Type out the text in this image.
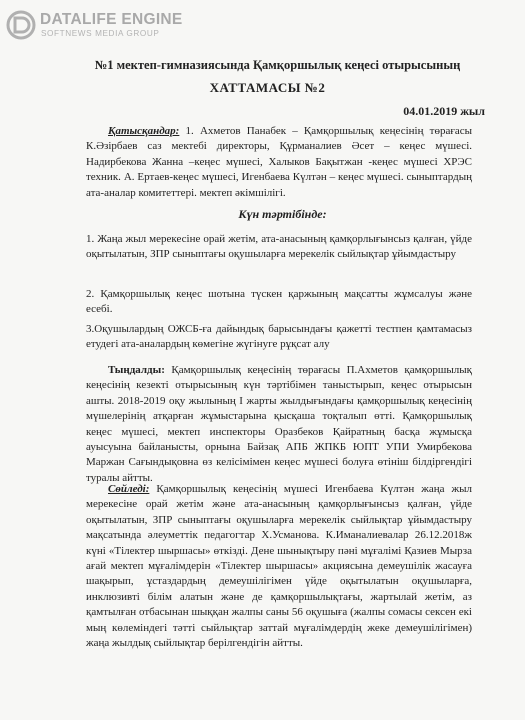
DATALIFE ENGINE
SOFTNEWS MEDIA GROUP
№1 мектеп-гимназиясында Қамқоршылық кеңесі отырысының
ХАТТАМАСЫ №2
04.01.2019 жыл
Қатысқандар: 1. Ахметов Панабек – Қамқоршылық кеңесінің төрағасы К.Әзірбаев саз мектебі директоры, Құрманалиев Әсет – кеңес мүшесі. Надирбекова Жанна –кеңес мүшесі, Халыков Бақытжан -кеңес мүшесі ХРЭС техник. А. Ертаев-кеңес мүшесі, Игенбаева Күлтән – кеңес мүшесі. сыныптардың ата-аналар комитеттері. мектеп әкімшілігі.
Күн тәртібінде:
1. Жаңа жыл мерекесіне орай жетім, ата-анасының қамқорлығынсыз қалған, үйде оқытылатын, ЗПР сыныптағы оқушыларға мерекелік сыйлықтар ұйымдастыру
2. Қамқоршылық кеңес шотына түскен қаржының мақсатты жұмсалуы және есебі.
3.Оқушылардың ОЖСБ-ға дайындық барысындағы қажетті тестпен қамтамасыз етудегі ата-аналардың көмегіне жүгінуге рұқсат алу
Тыңдалды: Қамқоршылық кеңесінің төрағасы П.Ахметов қамқоршылық кеңесінің кезекті отырысының күн тәртібімен таныстырып, кеңес отырысын ашты. 2018-2019 оқу жылының І жарты жылдығындағы қамқоршылық кеңесінің мүшелерінің атқарған жұмыстарына қысқаша тоқталып өтті. Қамқоршылық кеңес мүшесі, мектеп инспекторы Оразбеков Қайратның басқа жұмысқа ауысуына байланысты, орнына Байзақ АПБ ЖПКБ ЮПТ УПИ Умирбекова Маржан Сағындықовна өз келісімімен кеңес мүшесі болуға өтініш білдіргендігі туралы айтты.
Сөйледі: Қамқоршылық кеңесінің мүшесі Игенбаева Күлтән жаңа жыл мерекесіне орай жетім және ата-анасының қамқорлығынсыз қалған, үйде оқытылатын, ЗПР сыныптағы оқушыларға мерекелік сыйлықтар ұйымдастыру мақсатында әлеуметтік педагогтар Х.Усманова. К.Иманалиевалар 26.12.2018ж күні «Тілектер шыршасы» өткізді. Дене шынықтыру пәні мұғалімі Қазиев Мырза ағай мектеп мұғалімдерін «Тілектер шыршасы» акциясына демеушілік жасауға шақырып, ұстаздардың демеушілігімен үйде оқытылатын оқушыларға, инклюзивті білім алатын және де қамқоршылықтағы, жартылай жетім, аз қамтылған отбасынан шыққан жалпы саны 56 оқушыға (жалпы сомасы сексен екі мың көлеміндегі тәтті сыйлықтар заттай мұғалімдердің жеке демеушілігімен) жаңа жылдық сыйлықтар берілгендігін айтты.
